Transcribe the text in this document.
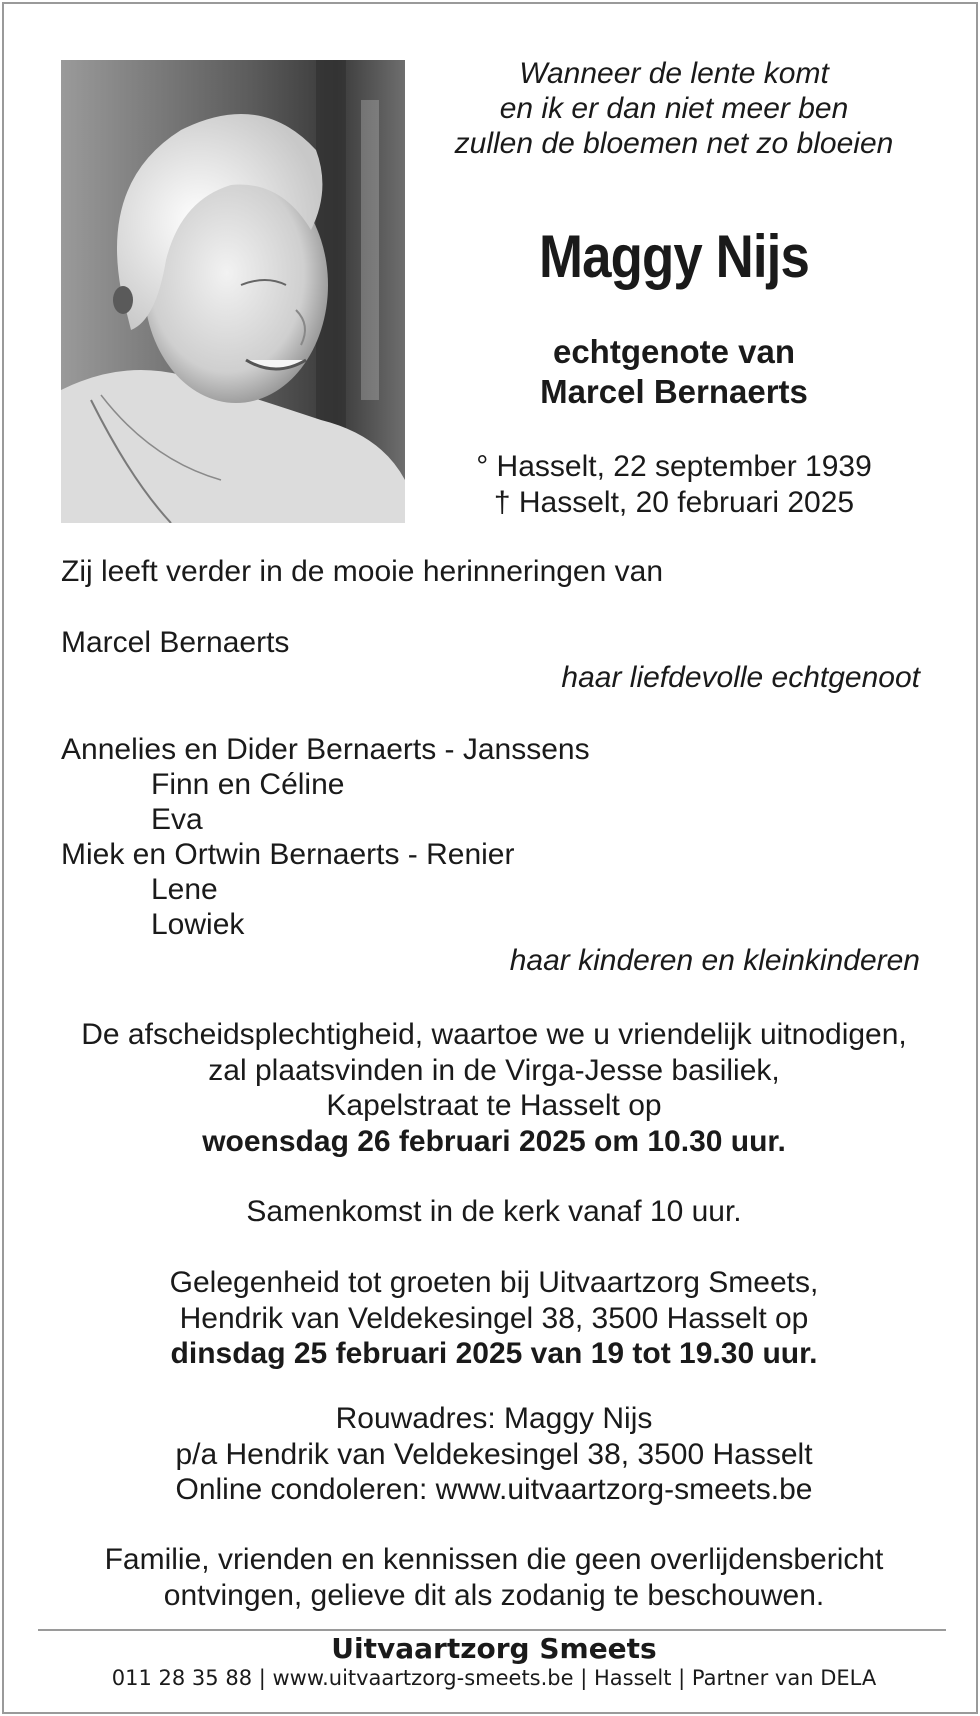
Wanneer de lente komt
en ik er dan niet meer ben
zullen de bloemen net zo bloeien
Maggy Nijs
echtgenote van
Marcel Bernaerts
° Hasselt, 22 september 1939
† Hasselt, 20 februari 2025
Zij leeft verder in de mooie herinneringen van
Marcel Bernaerts
haar liefdevolle echtgenoot
Annelies en Dider Bernaerts - Janssens
Finn en Céline
Eva
Miek en Ortwin Bernaerts - Renier
Lene
Lowiek
haar kinderen en kleinkinderen
De afscheidsplechtigheid, waartoe we u vriendelijk uitnodigen,
zal plaatsvinden in de Virga-Jesse basiliek,
Kapelstraat te Hasselt op
woensdag 26 februari 2025 om 10.30 uur.
Samenkomst in de kerk vanaf 10 uur.
Gelegenheid tot groeten bij Uitvaartzorg Smeets,
Hendrik van Veldekesingel 38, 3500 Hasselt op
dinsdag 25 februari 2025 van 19 tot 19.30 uur.
Rouwadres: Maggy Nijs
p/a Hendrik van Veldekesingel 38, 3500 Hasselt
Online condoleren: www.uitvaartzorg-smeets.be
Familie, vrienden en kennissen die geen overlijdensbericht
ontvingen, gelieve dit als zodanig te beschouwen.
Uitvaartzorg Smeets
011 28 35 88 | www.uitvaartzorg-smeets.be | Hasselt | Partner van DELA
